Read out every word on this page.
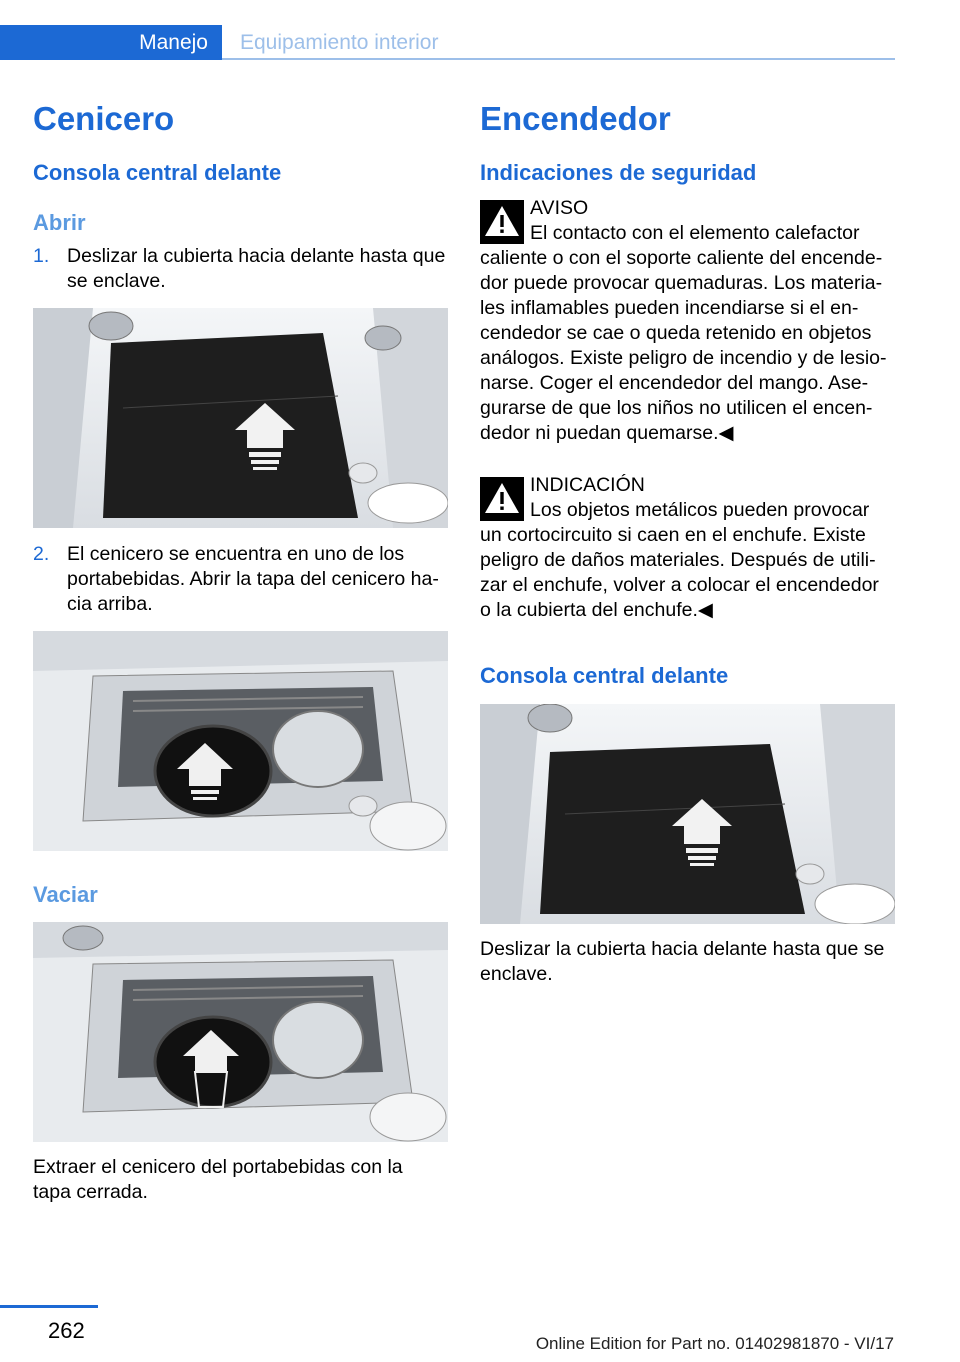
Manejo Equipamiento interior
Cenicero
Consola central delante
Abrir
1. Deslizar la cubierta hacia delante hasta que se enclave.
2. El cenicero se encuentra en uno de los portabebidas. Abrir la tapa del cenicero ha-cia arriba.
Vaciar
Extraer el cenicero del portabebidas con la tapa cerrada.
Encendedor
Indicaciones de seguridad
AVISO
El contacto con el elemento calefactor
caliente o con el soporte caliente del encende-dor puede provocar quemaduras. Los materia-les inflamables pueden incendiarse si el en-cendedor se cae o queda retenido en objetos análogos. Existe peligro de incendio y de lesio-narse. Coger el encendedor del mango. Ase-gurarse de que los niños no utilicen el encen-dedor ni puedan quemarse.◀
INDICACIÓN
Los objetos metálicos pueden provocar
un cortocircuito si caen en el enchufe. Existe peligro de daños materiales. Después de utili-zar el enchufe, volver a colocar el encendedor o la cubierta del enchufe.◀
Consola central delante
Deslizar la cubierta hacia delante hasta que se enclave.
262
Online Edition for Part no. 01402981870 - VI/17
